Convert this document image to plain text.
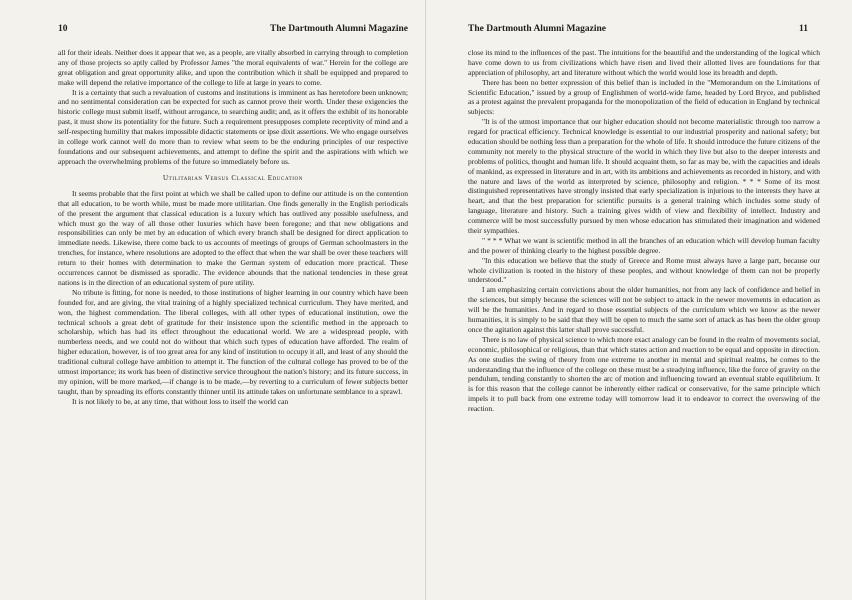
10	The Dartmouth Alumni Magazine

all for their ideals. Neither does it appear that we, as a people, are vitally absorbed in carrying through to completion any of those projects so aptly called by Professor James "the moral equivalents of war." Herein for the college are great obligation and great opportunity alike, and upon the contribution which it shall be equipped and prepared to make will depend the relative importance of the college to life at large in years to come.

It is a certainty that such a revaluation of customs and institutions is imminent as has heretofore been unknown; and no sentimental consideration can be expected for such as cannot prove their worth. Under these exigencies the historic college must submit itself, without arrogance, to searching audit; and, as it offers the exhibit of its honorable past, it must show its potentiality for the future. Such a requirement presupposes complete receptivity of mind and a self-respecting humility that makes impossible didactic statements or ipse dixit assertions. We who engage ourselves in college work cannot well do more than to review what seem to be the enduring principles of our respective foundations and our subsequent achievements, and attempt to define the spirit and the aspirations with which we approach the overwhelming problems of the future so immediately before us.

Utilitarian Versus Classical Education

It seems probable that the first point at which we shall be called upon to define our attitude is on the contention that all education, to be worth while, must be made more utilitarian. One finds generally in the English periodicals of the present the argument that classical education is a luxury which has outlived any possible usefulness, and which must go the way of all those other luxuries which have been foregone; and that new obligations and responsibilities can only be met by an education of which every branch shall be designed for direct application to immediate needs. Likewise, there come back to us accounts of meetings of groups of German schoolmasters in the trenches, for instance, where resolutions are adopted to the effect that when the war shall be over these teachers will return to their homes with determination to make the German system of education more practical. These occurrences cannot be dismissed as sporadic. The evidence abounds that the national tendencies in these great nations is in the direction of an educational system of pure utility.

No tribute is fitting, for none is needed, to those institutions of higher learning in our country which have been founded for, and are giving, the vital training of a highly specialized technical curriculum. They have merited, and won, the highest commendation. The liberal colleges, with all other types of educational institution, owe the technical schools a great debt of gratitude for their insistence upon the scientific method in the approach to scholarship, which has had its effect throughout the educational world. We are a widespread people, with numberless needs, and we could not do without that which such types of education have afforded. The realm of higher education, however, is of too great area for any kind of institution to occupy it all, and least of any should the traditional cultural college have ambition to attempt it. The function of the cultural college has proved to be of the utmost importance; its work has been of distinctive service throughout the nation's history; and its future success, in my opinion, will be more marked,—if change is to be made,—by reverting to a curriculum of fewer subjects better taught, than by spreading its efforts constantly thinner until its attitude takes on unfortunate semblance to a sprawl.

It is not likely to be, at any time, that without loss to itself the world can

The Dartmouth Alumni Magazine	11

close its mind to the influences of the past. The intuitions for the beautiful and the understanding of the logical which have come down to us from civilizations which have risen and lived their allotted lives are foundations for that appreciation of philosophy, art and literature without which the world would lose its breadth and depth.

There has been no better expression of this belief than is included in the "Memorandum on the Limitations of Scientific Education," issued by a group of Englishmen of world-wide fame, headed by Lord Bryce, and published as a protest against the prevalent propaganda for the monopolization of the field of education in England by technical subjects:

"It is of the utmost importance that our higher education should not become materialistic through too narrow a regard for practical efficiency. Technical knowledge is essential to our industrial prosperity and national safety; but education should be nothing less than a preparation for the whole of life. It should introduce the future citizens of the community not merely to the physical structure of the world in which they live but also to the deeper interests and problems of politics, thought and human life. It should acquaint them, so far as may be, with the capacities and ideals of mankind, as expressed in literature and in art, with its ambitions and achievements as recorded in history, and with the nature and laws of the world as interpreted by science, philosophy and religion. * * * Some of its most distinguished representatives have strongly insisted that early specialization is injurious to the interests they have at heart, and that the best preparation for scientific pursuits is a general training which includes some study of language, literature and history. Such a training gives width of view and flexibility of intellect. Industry and commerce will be most successfully pursued by men whose education has stimulated their imagination and widened their sympathies.

" * * * What we want is scientific method in all the branches of an education which will develop human faculty and the power of thinking clearly to the highest possible degree.

"In this education we believe that the study of Greece and Rome must always have a large part, because our whole civilization is rooted in the history of these peoples, and without knowledge of them can not be properly understood."

I am emphasizing certain convictions about the older humanities, not from any lack of confidence and belief in the sciences, but simply because the sciences will not be subject to attack in the newer movements in education as will be the humanities. And in regard to those essential subjects of the curriculum which we know as the newer humanities, it is simply to be said that they will be open to much the same sort of attack as has been the older group once the agitation against this latter shall prove successful.

There is no law of physical science to which more exact analogy can be found in the realm of movements social, economic, philosophical or religious, than that which states action and reaction to be equal and opposite in direction. As one studies the swing of theory from one extreme to another in mental and spiritual realms, he comes to the understanding that the influence of the college on these must be a steadying influence, like the force of gravity on the pendulum, tending constantly to shorten the arc of motion and influencing toward an eventual stable equilibrium. It is for this reason that the college cannot be inherently either radical or conservative, for the same principle which impels it to pull back from one extreme today will tomorrow lead it to endeavor to correct the overswing of the reaction.
